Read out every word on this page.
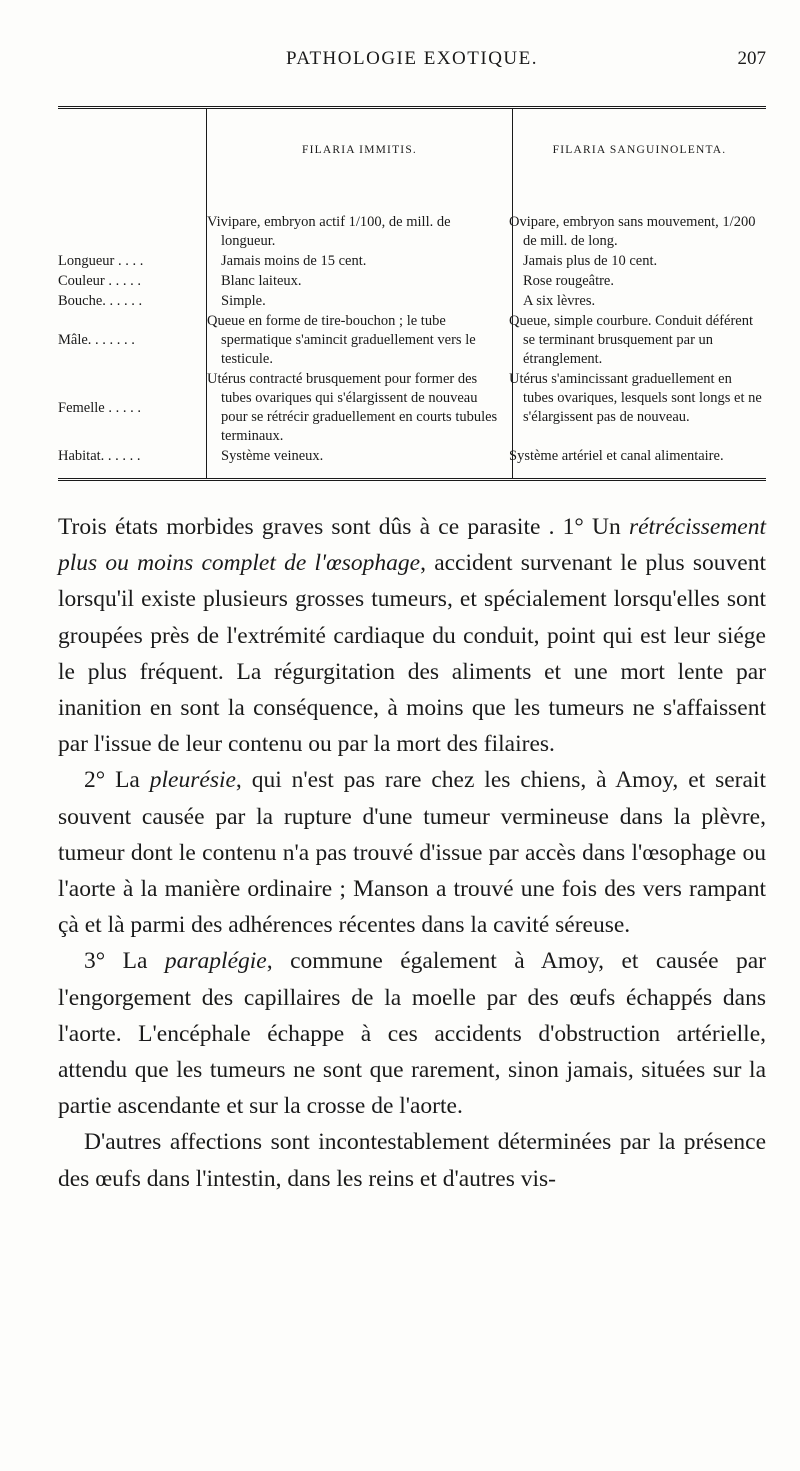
PATHOLOGIE EXOTIQUE.	207
	FILARIA IMMITIS.	FILARIA SANGUINOLENTA.
	Vivipare, embryon actif 1/100, de mill. de longueur.	Ovipare, embryon sans mouvement, 1/200 de mill. de long.
Longueur . . . .	Jamais moins de 15 cent.	Jamais plus de 10 cent.
Couleur . . . . .	Blanc laiteux.	Rose rougeâtre.
Bouche. . . . . .	Simple.	A six lèvres.
Mâle. . . . . . .	Queue en forme de tire-bouchon ; le tube spermatique s'amincit graduellement vers le testicule.	Queue, simple courbure. Conduit déférent se terminant brusquement par un étranglement.
Femelle . . . . .	Utérus contracté brusquement pour former des tubes ovariques qui s'élargissent de nouveau pour se rétrécir graduellement en courts tubules terminaux.	Utérus s'amincissant graduellement en tubes ovariques, lesquels sont longs et ne s'élargissent pas de nouveau.
Habitat. . . . . .	Système veineux.	Système artériel et canal alimentaire.

Trois états morbides graves sont dûs à ce parasite . 1° Un rétrécissement plus ou moins complet de l'œsophage, accident survenant le plus souvent lorsqu'il existe plusieurs grosses tumeurs, et spécialement lorsqu'elles sont groupées près de l'extrémité cardiaque du conduit, point qui est leur siége le plus fréquent. La régurgitation des aliments et une mort lente par inanition en sont la conséquence, à moins que les tumeurs ne s'affaissent par l'issue de leur contenu ou par la mort des filaires.

2° La pleurésie, qui n'est pas rare chez les chiens, à Amoy, et serait souvent causée par la rupture d'une tumeur vermineuse dans la plèvre, tumeur dont le contenu n'a pas trouvé d'issue par accès dans l'œsophage ou l'aorte à la manière ordinaire ; Manson a trouvé une fois des vers rampant çà et là parmi des adhérences récentes dans la cavité séreuse.

3° La paraplégie, commune également à Amoy, et causée par l'engorgement des capillaires de la moelle par des œufs échappés dans l'aorte. L'encéphale échappe à ces accidents d'obstruction artérielle, attendu que les tumeurs ne sont que rarement, sinon jamais, situées sur la partie ascendante et sur la crosse de l'aorte.

D'autres affections sont incontestablement déterminées par la présence des œufs dans l'intestin, dans les reins et d'autres vis-
